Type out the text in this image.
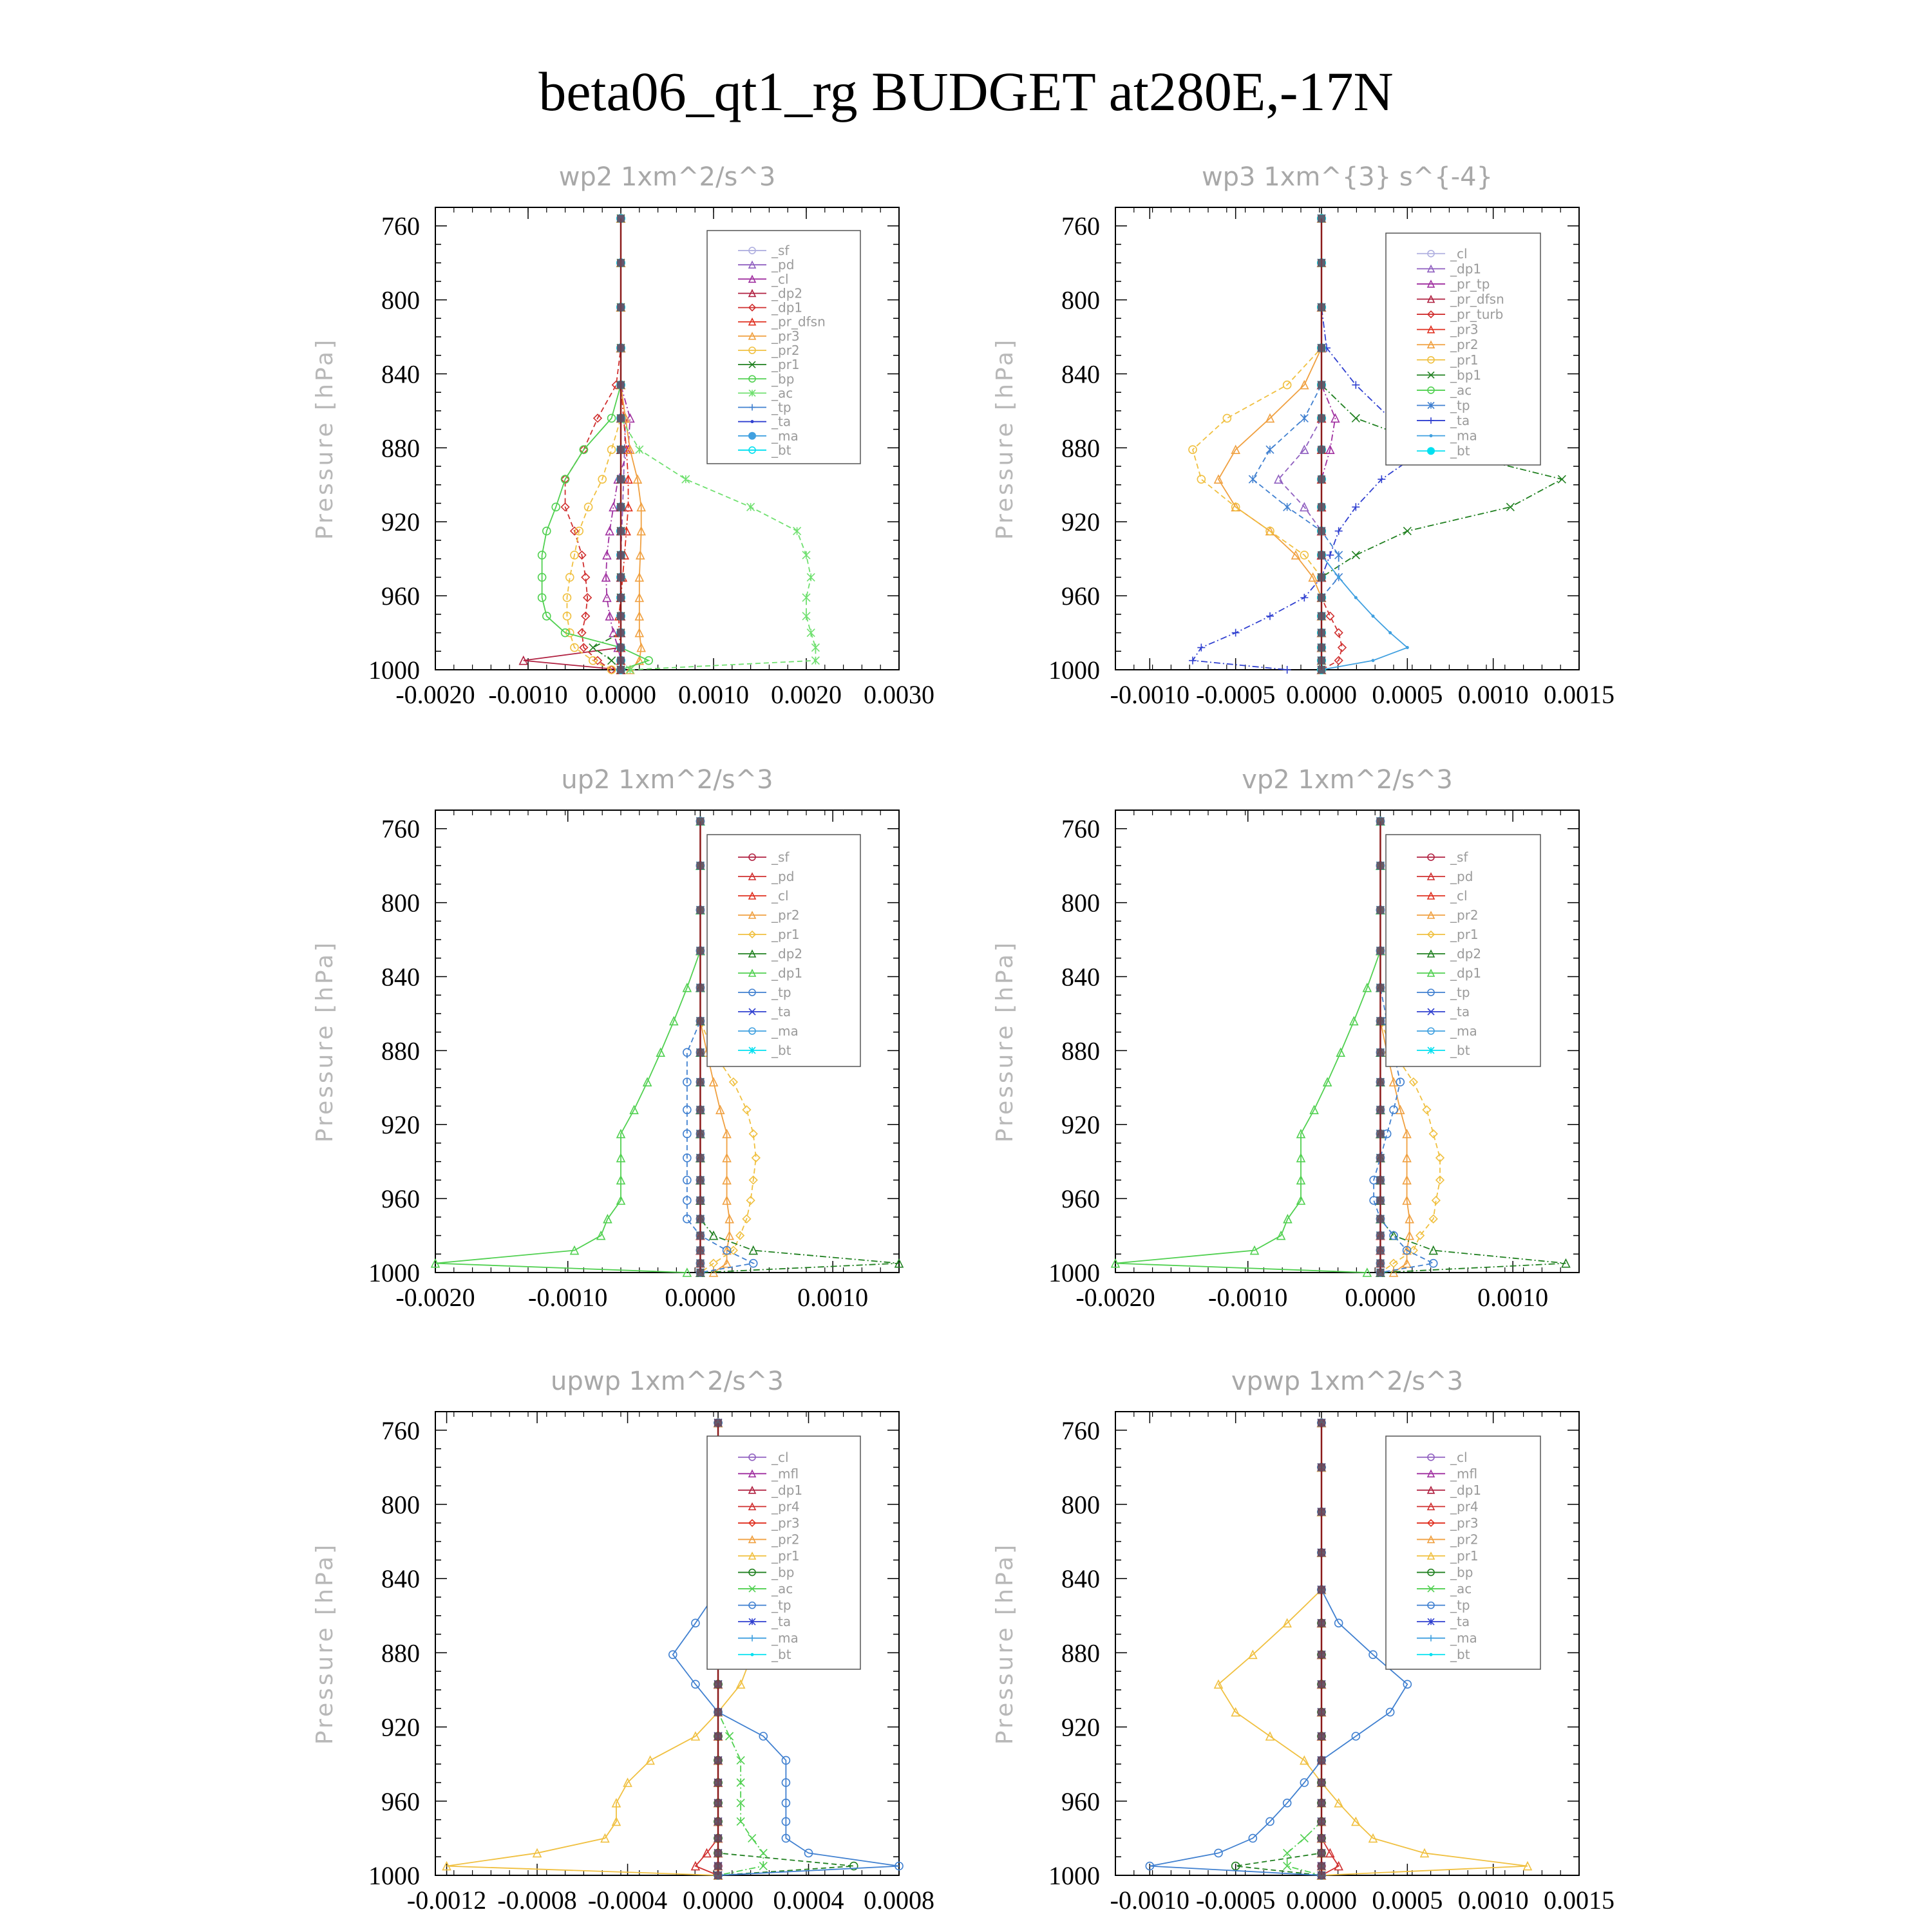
beta06_qt1_rg BUDGET at280E,-17N
760
800
840
880
920
960
1000
-0.0020 -0.0010 0.0000 0.0010 0.0020 0.0030
wp2 1xm^2/s^3
Pressure [hPa]
_sf
_pd
_cl
_dp2
_dp1
_pr_dfsn
_pr3
_pr2
_pr1
_bp
_ac
_tp
_ta
_ma
_bt
760
800
840
880
920
960
1000
-0.0010 -0.0005 0.0000 0.0005 0.0010 0.0015
wp3 1xm^{3} s^{-4}
Pressure [hPa]
_cl
_dp1
_pr_tp
_pr_dfsn
_pr_turb
_pr3
_pr2
_pr1
_bp1
_ac
_tp
_ta
_ma
_bt
760
800
840
880
920
960
1000
-0.0020 -0.0010 0.0000 0.0010
up2 1xm^2/s^3
Pressure [hPa]
_sf
_pd
_cl
_pr2
_pr1
_dp2
_dp1
_tp
_ta
_ma
_bt
760
800
840
880
920
960
1000
-0.0020 -0.0010 0.0000 0.0010
vp2 1xm^2/s^3
Pressure [hPa]
_sf
_pd
_cl
_pr2
_pr1
_dp2
_dp1
_tp
_ta
_ma
_bt
760
800
840
880
920
960
1000
-0.0012 -0.0008 -0.0004 0.0000 0.0004 0.0008
upwp 1xm^2/s^3
Pressure [hPa]
_cl
_mfl
_dp1
_pr4
_pr3
_pr2
_pr1
_bp
_ac
_tp
_ta
_ma
_bt
760
800
840
880
920
960
1000
-0.0010 -0.0005 0.0000 0.0005 0.0010 0.0015
vpwp 1xm^2/s^3
Pressure [hPa]
_cl
_mfl
_dp1
_pr4
_pr3
_pr2
_pr1
_bp
_ac
_tp
_ta
_ma
_bt
